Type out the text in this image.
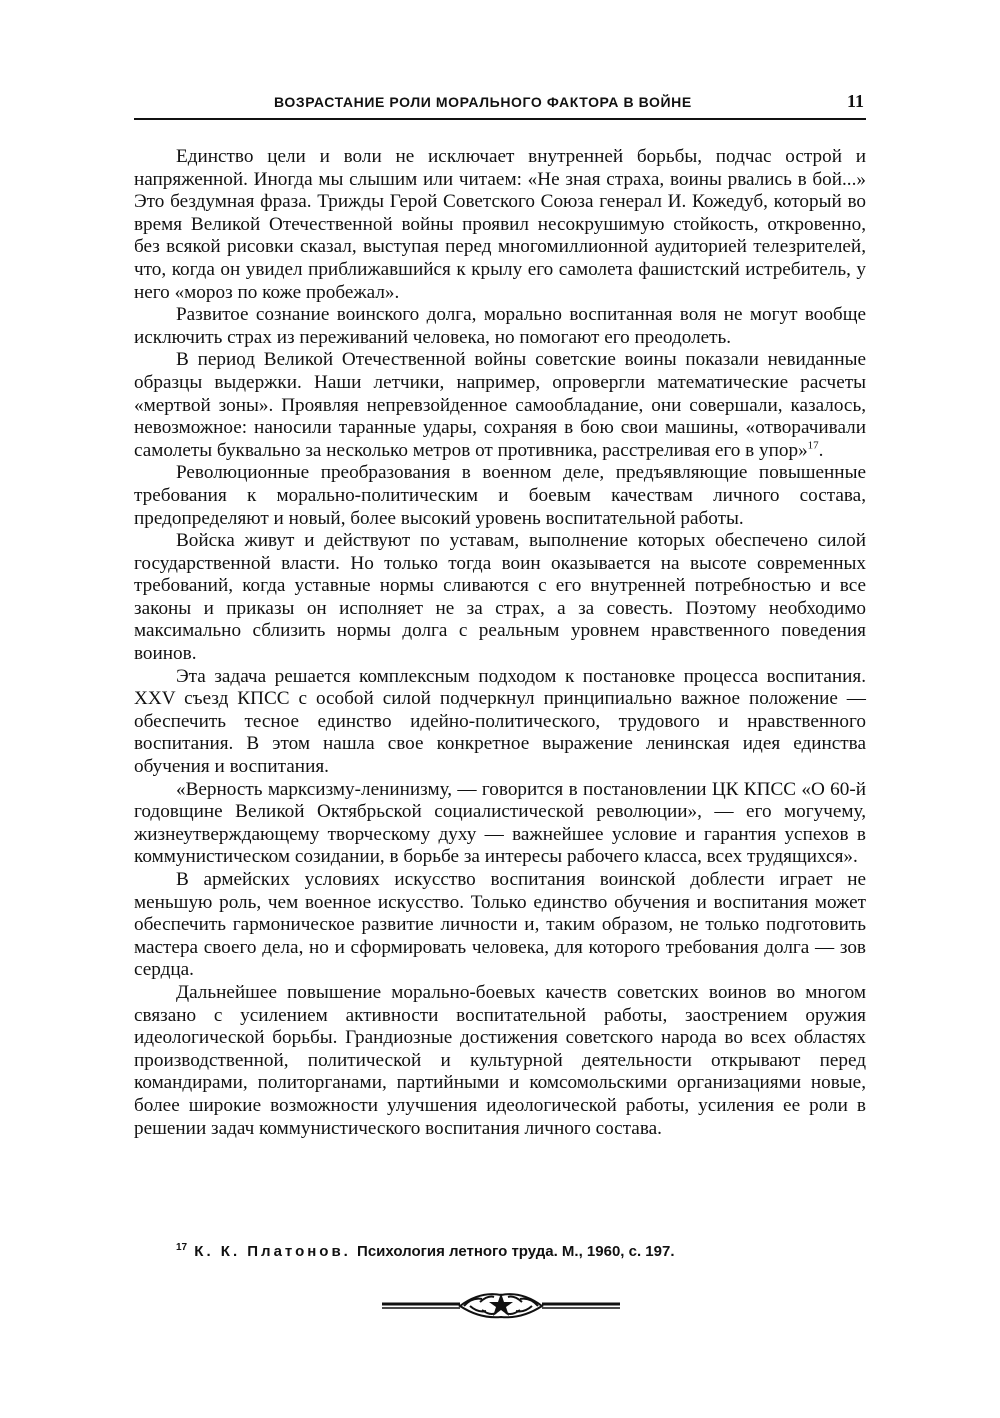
ВОЗРАСТАНИЕ РОЛИ МОРАЛЬНОГО ФАКТОРА В ВОЙНЕ	11

Единство цели и воли не исключает внутренней борьбы, подчас острой и напряженной. Иногда мы слышим или читаем: «Не зная страха, воины рвались в бой...» Это бездумная фраза. Трижды Герой Советского Союза генерал И. Кожедуб, который во время Великой Отечественной войны проявил несокрушимую стойкость, откровенно, без всякой рисовки сказал, выступая перед многомиллионной аудиторией телезрителей, что, когда он увидел приближавшийся к крылу его самолета фашистский истребитель, у него «мороз по коже пробежал».

Развитое сознание воинского долга, морально воспитанная воля не могут вообще исключить страх из переживаний человека, но помогают его преодолеть.

В период Великой Отечественной войны советские воины показали невиданные образцы выдержки. Наши летчики, например, опровергли математические расчеты «мертвой зоны». Проявляя непревзойденное самообладание, они совершали, казалось, невозможное: наносили таранные удары, сохраняя в бою свои машины, «отворачивали самолеты буквально за несколько метров от противника, расстреливая его в упор»$^{17}$.

Революционные преобразования в военном деле, предъявляющие повышенные требования к морально-политическим и боевым качествам личного состава, предопределяют и новый, более высокий уровень воспитательной работы.

Войска живут и действуют по уставам, выполнение которых обеспечено силой государственной власти. Но только тогда воин оказывается на высоте современных требований, когда уставные нормы сливаются с его внутренней потребностью и все законы и приказы он исполняет не за страх, а за совесть. Поэтому необходимо максимально сблизить нормы долга с реальным уровнем нравственного поведения воинов.

Эта задача решается комплексным подходом к постановке процесса воспитания. XXV съезд КПСС с особой силой подчеркнул принципиально важное положение — обеспечить тесное единство идейно-политического, трудового и нравственного воспитания. В этом нашла свое конкретное выражение ленинская идея единства обучения и воспитания.

«Верность марксизму-ленинизму, — говорится в постановлении ЦК КПСС «О 60-й годовщине Великой Октябрьской социалистической революции», — его могучему, жизнеутверждающему творческому духу — важнейшее условие и гарантия успехов в коммунистическом созидании, в борьбе за интересы рабочего класса, всех трудящихся».

В армейских условиях искусство воспитания воинской доблести играет не меньшую роль, чем военное искусство. Только единство обучения и воспитания может обеспечить гармоническое развитие личности и, таким образом, не только подготовить мастера своего дела, но и сформировать человека, для которого требования долга — зов сердца.

Дальнейшее повышение морально-боевых качеств советских воинов во многом связано с усилением активности воспитательной работы, заострением оружия идеологической борьбы. Грандиозные достижения советского народа во всех областях производственной, политической и культурной деятельности открывают перед командирами, политорганами, партийными и комсомольскими организациями новые, более широкие возможности улучшения идеологической работы, усиления ее роли в решении задач коммунистического воспитания личного состава.

$^{17}$ К. К. Платонов. Психология летного труда. М., 1960, с. 197.
